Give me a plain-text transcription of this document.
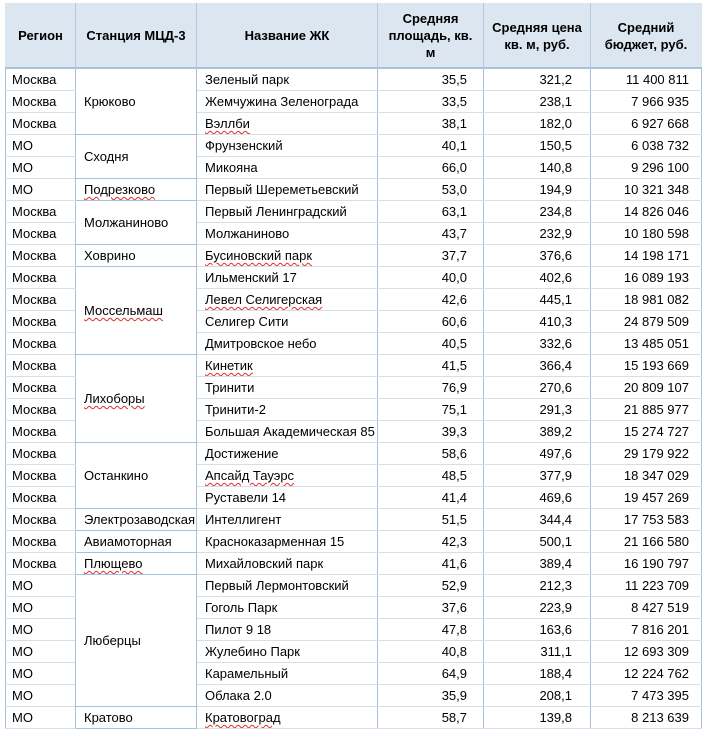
Регион	Станция МЦД-3	Название ЖК	Средняя площадь, кв. м	Средняя цена кв. м, руб.	Средний бюджет, руб.
Москва	Крюково	Зеленый парк	35,5	321,2	11 400 811
Москва		Жемчужина Зеленограда	33,5	238,1	7 966 935
Москва		Вэллби	38,1	182,0	6 927 668
МО	Сходня	Фрунзенский	40,1	150,5	6 038 732
МО		Микояна	66,0	140,8	9 296 100
МО	Подрезково	Первый Шереметьевский	53,0	194,9	10 321 348
Москва	Молжаниново	Первый Ленинградский	63,1	234,8	14 826 046
Москва		Молжаниново	43,7	232,9	10 180 598
Москва	Ховрино	Бусиновский парк	37,7	376,6	14 198 171
Москва	Моссельмаш	Ильменский 17	40,0	402,6	16 089 193
Москва		Левел Селигерская	42,6	445,1	18 981 082
Москва		Селигер Сити	60,6	410,3	24 879 509
Москва		Дмитровское небо	40,5	332,6	13 485 051
Москва	Лихоборы	Кинетик	41,5	366,4	15 193 669
Москва		Тринити	76,9	270,6	20 809 107
Москва		Тринити-2	75,1	291,3	21 885 977
Москва		Большая Академическая 85	39,3	389,2	15 274 727
Москва	Останкино	Достижение	58,6	497,6	29 179 922
Москва		Апсайд Тауэрс	48,5	377,9	18 347 029
Москва		Руставели 14	41,4	469,6	19 457 269
Москва	Электрозаводская	Интеллигент	51,5	344,4	17 753 583
Москва	Авиамоторная	Красноказарменная 15	42,3	500,1	21 166 580
Москва	Плющево	Михайловский парк	41,6	389,4	16 190 797
МО	Люберцы	Первый Лермонтовский	52,9	212,3	11 223 709
МО		Гоголь Парк	37,6	223,9	8 427 519
МО		Пилот 9 18	47,8	163,6	7 816 201
МО		Жулебино Парк	40,8	311,1	12 693 309
МО		Карамельный	64,9	188,4	12 224 762
МО		Облака 2.0	35,9	208,1	7 473 395
МО	Кратово	Кратовоград	58,7	139,8	8 213 639
